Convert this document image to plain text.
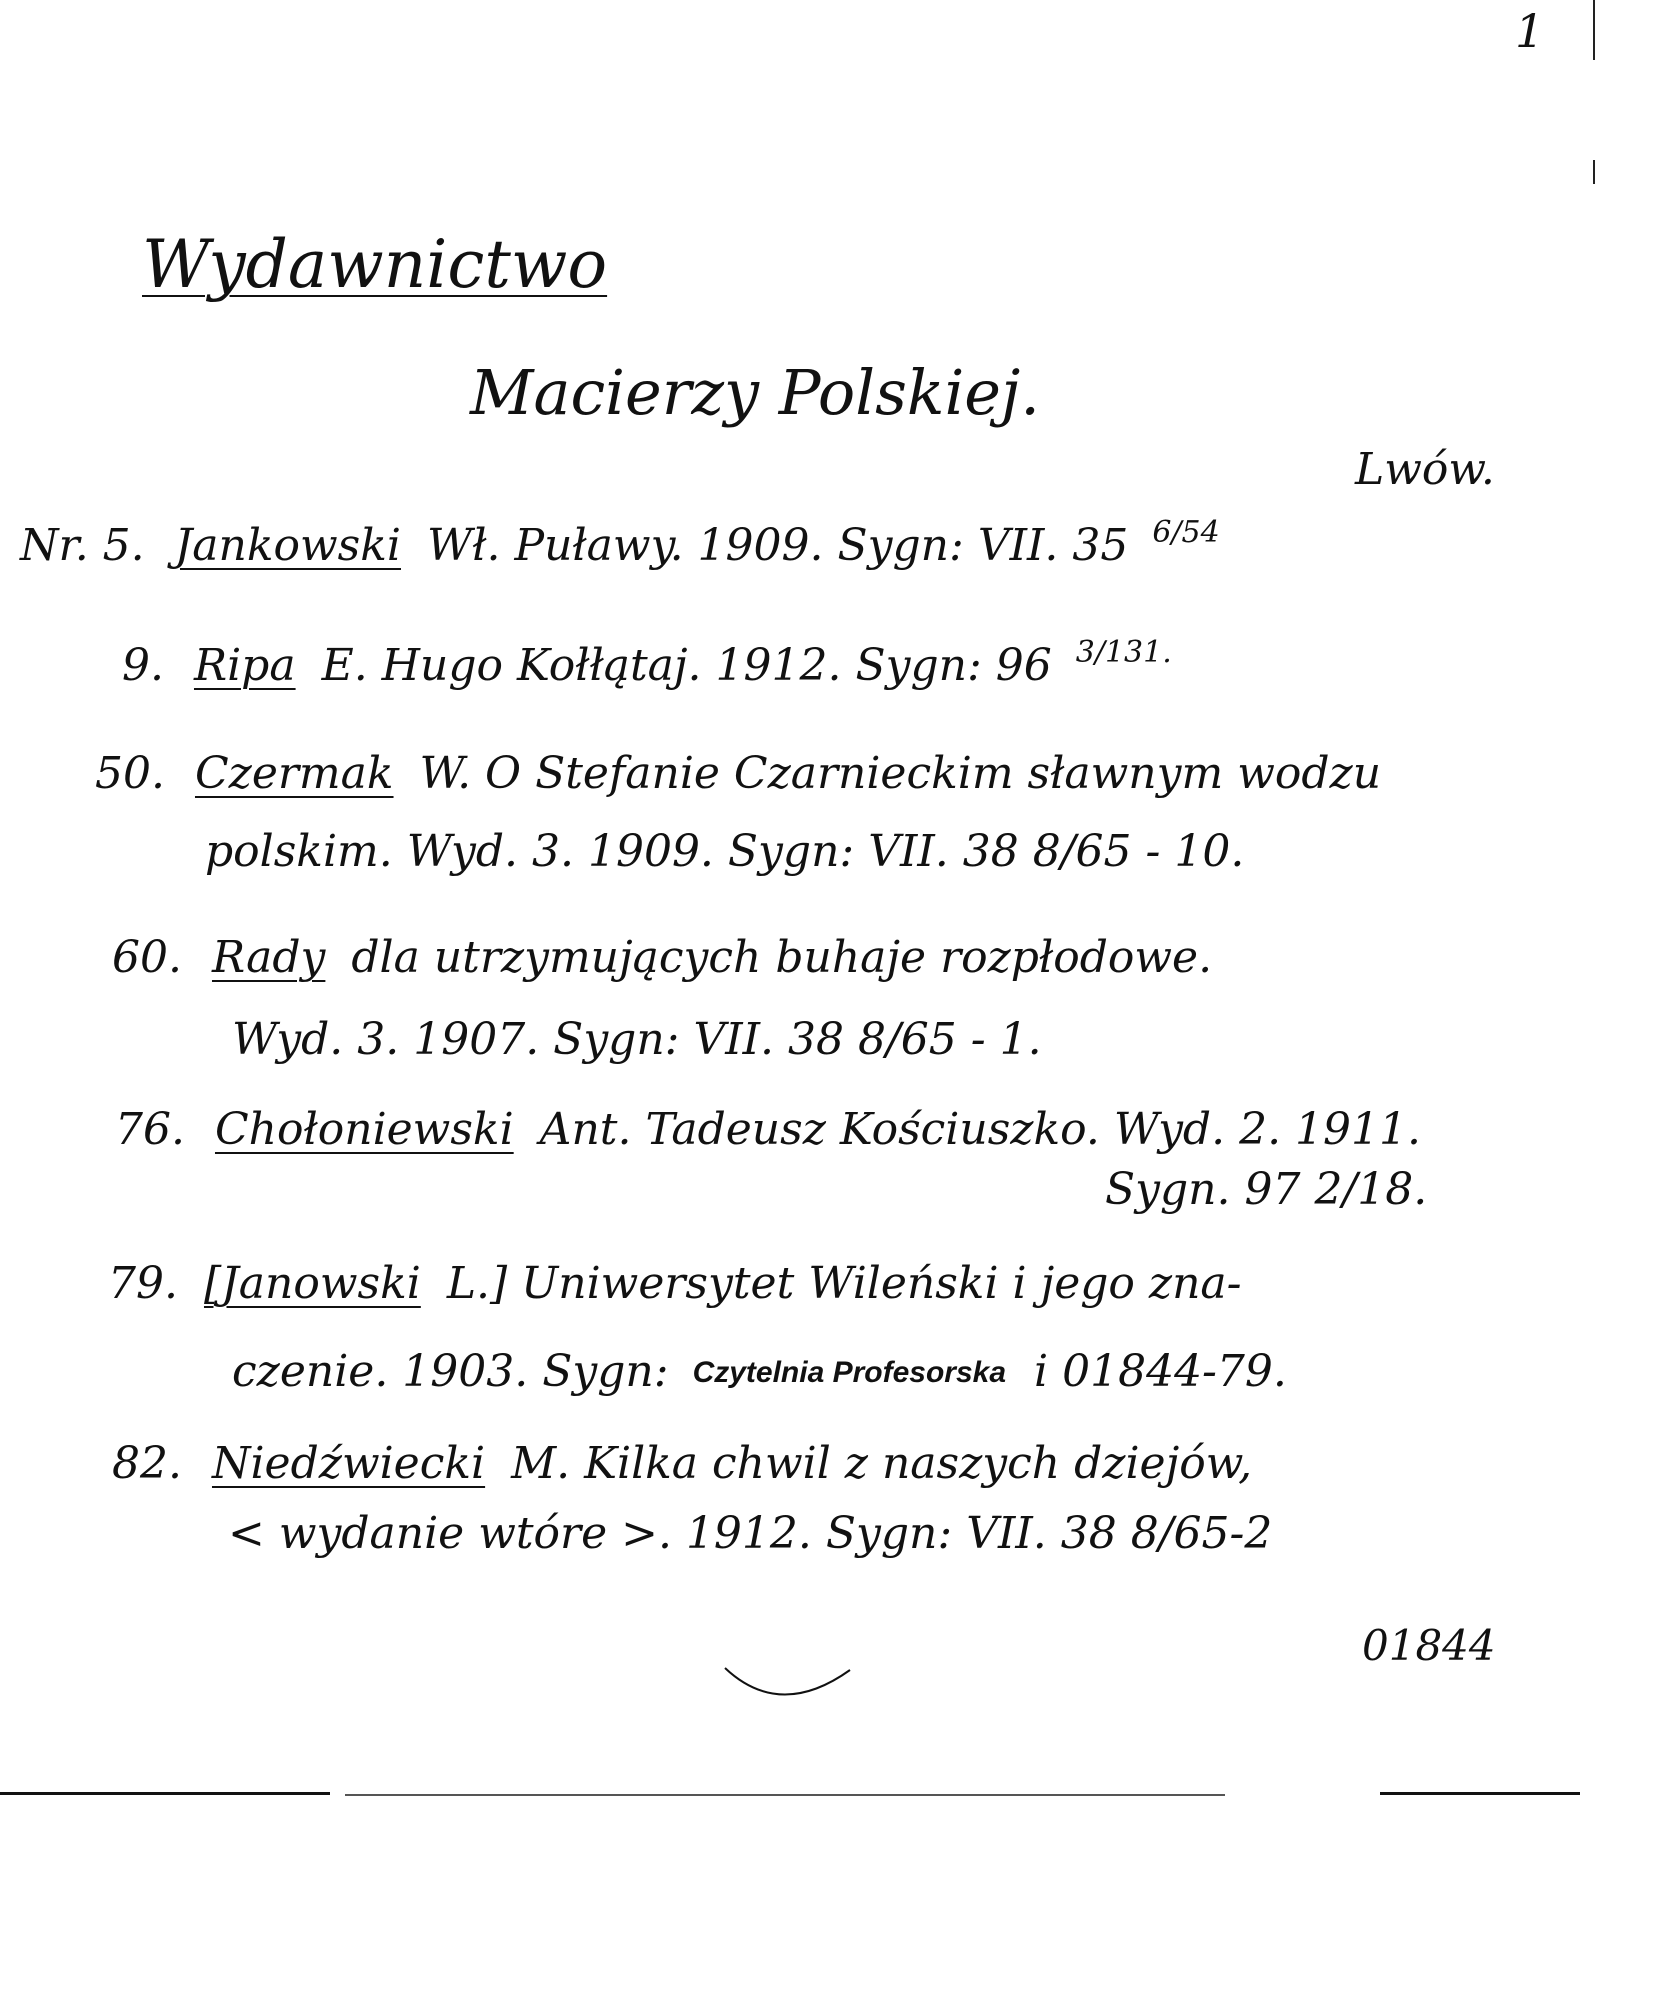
1
Wydawnictwo
Macierzy Polskiej.
Lwów.
Nr. 5. Jankowski Wł. Puławy. 1909. Sygn: VII. 35 $^{6/54}$
9. Ripa E. Hugo Kołłątaj. 1912. Sygn: 96 $^{3/131.}$
50. Czermak W. O Stefanie Czarnieckim sławnym wodzu
polskim. Wyd. 3. 1909. Sygn: VII. 38 8/65 - 10.
60. Rady dla utrzymujących buhaje rozpłodowe.
Wyd. 3. 1907. Sygn: VII. 38 8/65 - 1.
76. Chołoniewski Ant. Tadeusz Kościuszko. Wyd. 2. 1911.
Sygn. 97 2/18.
79. [Janowski L.] Uniwersytet Wileński i jego zna-
czenie. 1903. Sygn: Czytelnia Profesorska i 01844-79.
82. Niedźwiecki M. Kilka chwil z naszych dziejów,
< wydanie wtóre >. 1912. Sygn: VII. 38 8/65-2
01844
